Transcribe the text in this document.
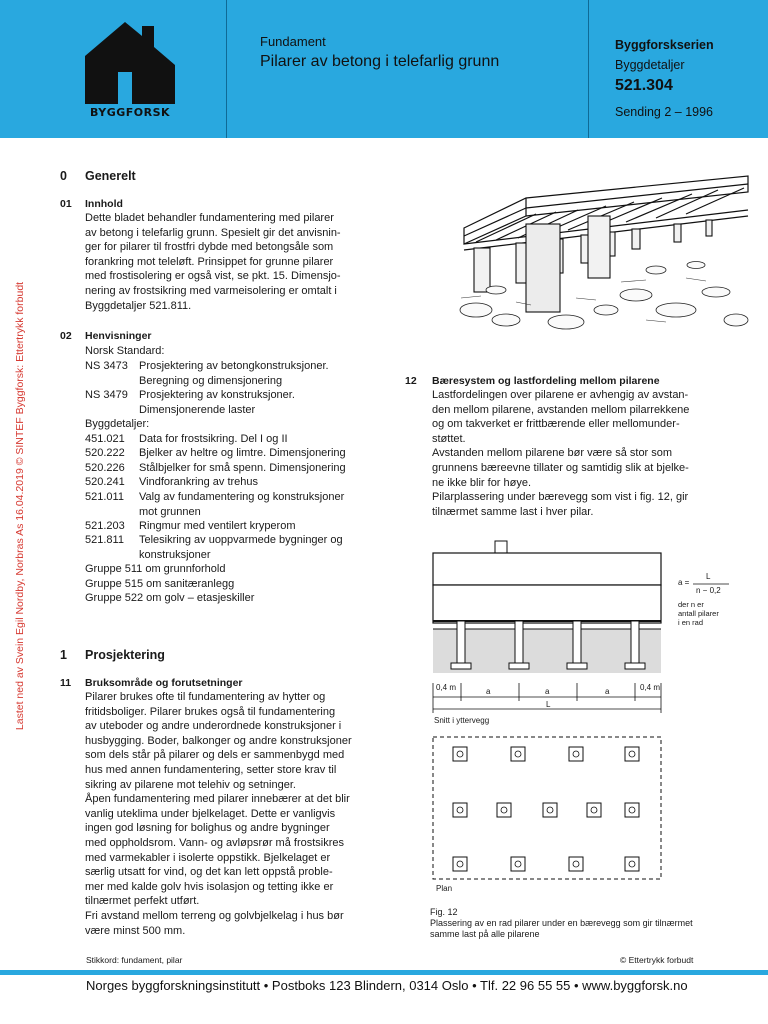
BYGGFORSK
Fundament
Pilarer av betong i telefarlig grunn
Byggforskserien
Byggdetaljer
521.304
Sending 2 – 1996
Lastet ned av Svein Egil Nordby, Norbras As 16.04.2019 © SINTEF Byggforsk: Ettertrykk forbudt
0 Generelt
01 Innhold
Dette bladet behandler fundamentering med pilarer
av betong i telefarlig grunn. Spesielt gir det anvisnin-
ger for pilarer til frostfri dybde med betongsåle som
forankring mot teleløft. Prinsippet for grunne pilarer
med frostisolering er også vist, se pkt. 15. Dimensjo-
nering av frostsikring med varmeisolering er omtalt i
Byggdetaljer 521.811.
02 Henvisninger
Norsk Standard:
NS 3473 Prosjektering av betongkonstruksjoner.
Beregning og dimensjonering
NS 3479 Prosjektering av konstruksjoner.
Dimensjonerende laster
Byggdetaljer:
451.021 Data for frostsikring. Del I og II
520.222 Bjelker av heltre og limtre. Dimensjonering
520.226 Stålbjelker for små spenn. Dimensjonering
520.241 Vindforankring av trehus
521.011 Valg av fundamentering og konstruksjoner
mot grunnen
521.203 Ringmur med ventilert kryperom
521.811 Telesikring av uoppvarmede bygninger og
konstruksjoner
Gruppe 511 om grunnforhold
Gruppe 515 om sanitæranlegg
Gruppe 522 om golv – etasjeskiller
1 Prosjektering
11 Bruksområde og forutsetninger
Pilarer brukes ofte til fundamentering av hytter og
fritidsboliger. Pilarer brukes også til fundamentering
av uteboder og andre underordnede konstruksjoner i
husbygging. Boder, balkonger og andre konstruksjoner
som dels står på pilarer og dels er sammenbygd med
hus med annen fundamentering, setter store krav til
sikring av pilarene mot telehiv og setninger.
Åpen fundamentering med pilarer innebærer at det blir
vanlig uteklima under bjelkelaget. Dette er vanligvis
ingen god løsning for bolighus og andre bygninger
med oppholdsrom. Vann- og avløpsrør må frostsikres
med varmekabler i isolerte oppstikk. Bjelkelaget er
særlig utsatt for vind, og det kan lett oppstå proble-
mer med kalde golv hvis isolasjon og tetting ikke er
tilnærmet perfekt utført.
Fri avstand mellom terreng og golvbjelkelag i hus bør
være minst 500 mm.
12 Bæresystem og lastfordeling mellom pilarene
Lastfordelingen over pilarene er avhengig av avstan-
den mellom pilarene, avstanden mellom pilarrekkene
og om takverket er frittbærende eller mellomunder-
støttet.
Avstanden mellom pilarene bør være så stor som
grunnens bæreevne tillater og samtidig slik at bjelke-
ne ikke blir for høye.
Pilarplassering under bærevegg som vist i fig. 12, gir
tilnærmet samme last i hver pilar.
a =
L
n − 0,2
der n er
antall pilarer
i en rad
0,4 m	a	a	a	0,4 m
L
Snitt i yttervegg
Plan
Fig. 12
Plassering av en rad pilarer under en bærevegg som gir tilnærmet
samme last på alle pilarene
Stikkord: fundament, pilar	© Ettertrykk forbudt
Norges byggforskningsinstitutt • Postboks 123 Blindern, 0314 Oslo • Tlf. 22 96 55 55 • www.byggforsk.no
